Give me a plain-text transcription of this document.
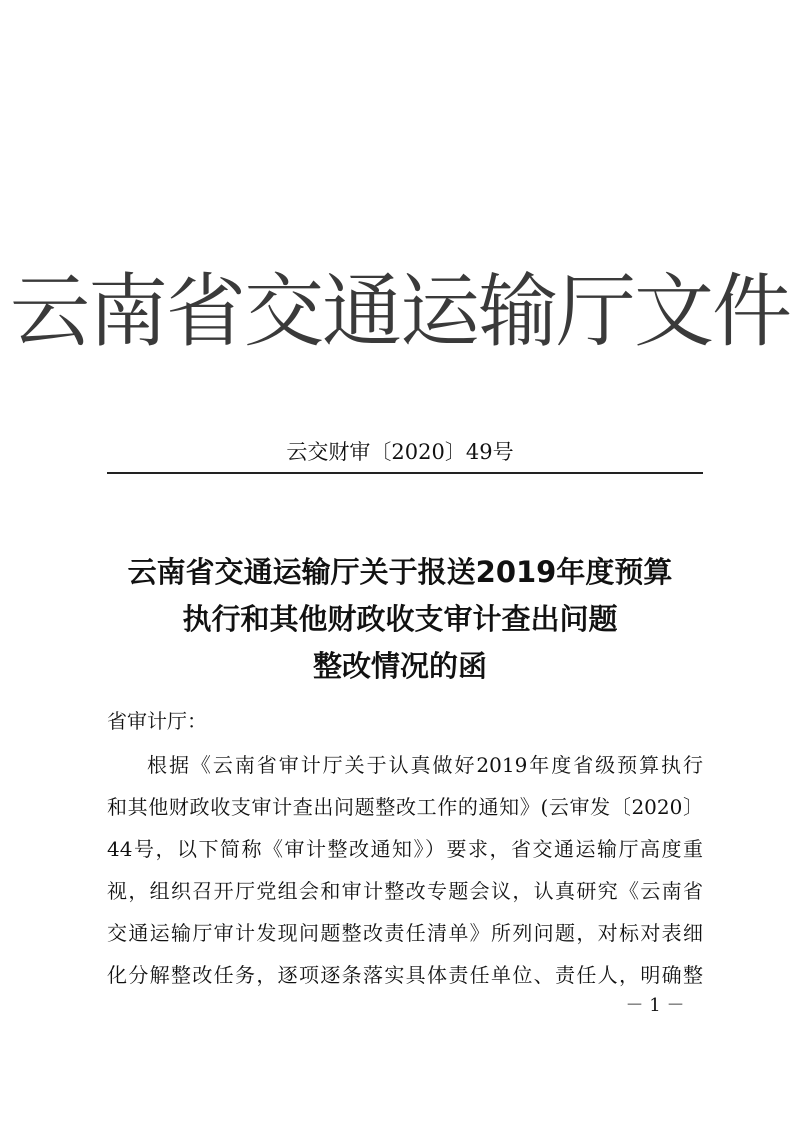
云南省交通运输厅文件
云交财审〔2020〕49号
云南省交通运输厅关于报送2019年度预算
执行和其他财政收支审计查出问题
整改情况的函
省审计厅：
根据《云南省审计厅关于认真做好2019年度省级预算执行
和其他财政收支审计查出问题整改工作的通知》(云审发〔2020〕
44号，以下简称《审计整改通知》）要求，省交通运输厅高度重
视，组织召开厅党组会和审计整改专题会议，认真研究《云南省
交通运输厅审计发现问题整改责任清单》所列问题，对标对表细
化分解整改任务，逐项逐条落实具体责任单位、责任人，明确整
－ 1 －
